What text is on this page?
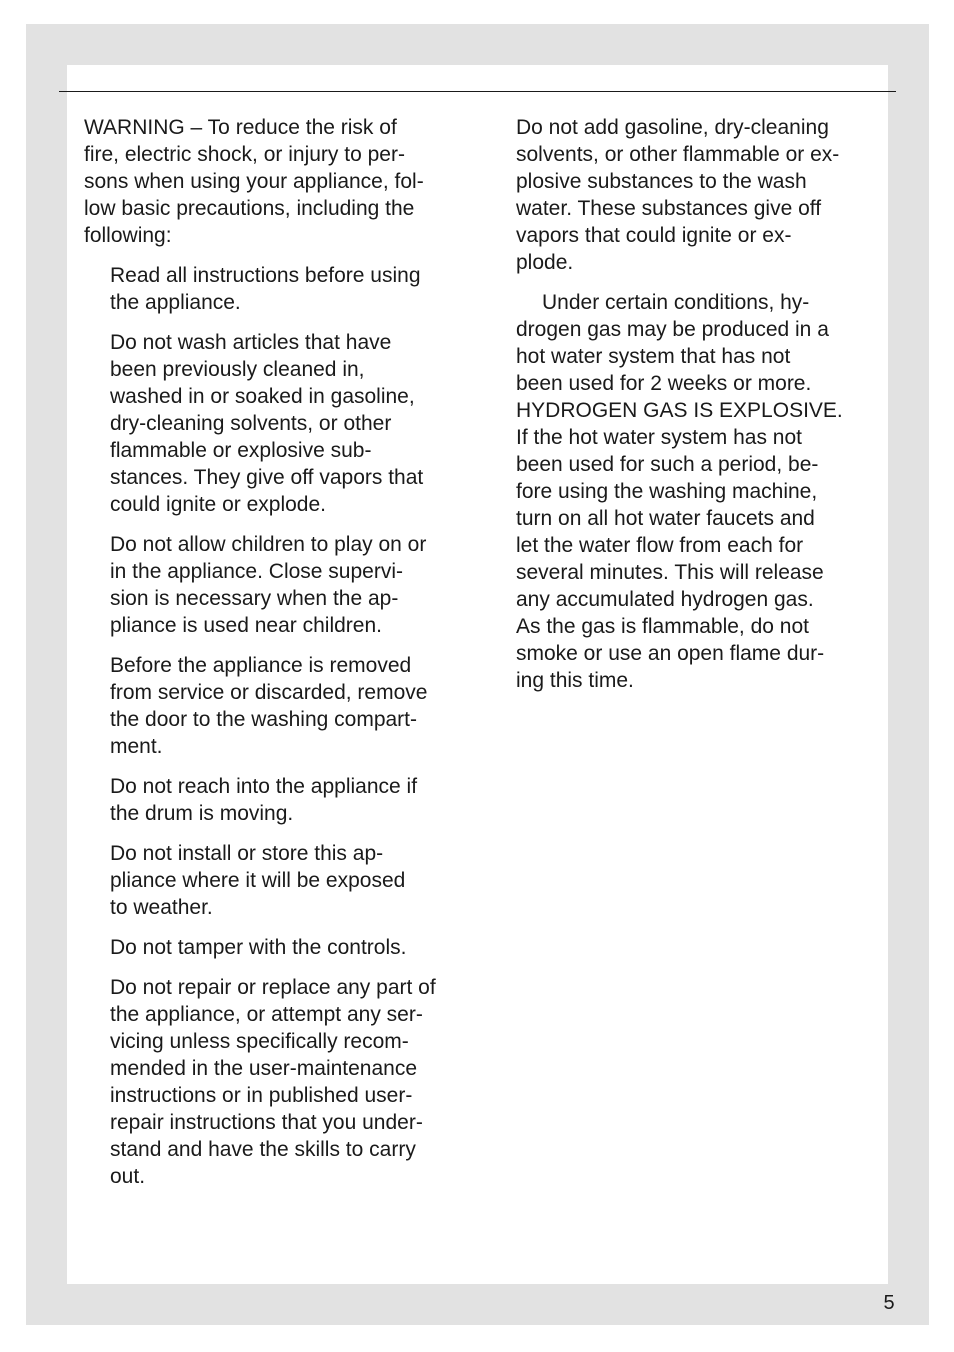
WARNING – To reduce the risk of
fire, electric shock, or injury to per-
sons when using your appliance, fol-
low basic precautions, including the
following:

Read all instructions before using
the appliance.

Do not wash articles that have
been previously cleaned in,
washed in or soaked in gasoline,
dry-cleaning solvents, or other
flammable or explosive sub-
stances. They give off vapors that
could ignite or explode.

Do not allow children to play on or
in the appliance. Close supervi-
sion is necessary when the ap-
pliance is used near children.

Before the appliance is removed
from service or discarded, remove
the door to the washing compart-
ment.

Do not reach into the appliance if
the drum is moving.

Do not install or store this ap-
pliance where it will be exposed
to weather.

Do not tamper with the controls.

Do not repair or replace any part of
the appliance, or attempt any ser-
vicing unless specifically recom-
mended in the user-maintenance
instructions or in published user-
repair instructions that you under-
stand and have the skills to carry
out.

Do not add gasoline, dry-cleaning
solvents, or other flammable or ex-
plosive substances to the wash
water. These substances give off
vapors that could ignite or ex-
plode.

Under certain conditions, hy-
drogen gas may be produced in a
hot water system that has not
been used for 2 weeks or more.
HYDROGEN GAS IS EXPLOSIVE.
If the hot water system has not
been used for such a period, be-
fore using the washing machine,
turn on all hot water faucets and
let the water flow from each for
several minutes. This will release
any accumulated hydrogen gas.
As the gas is flammable, do not
smoke or use an open flame dur-
ing this time.

5
